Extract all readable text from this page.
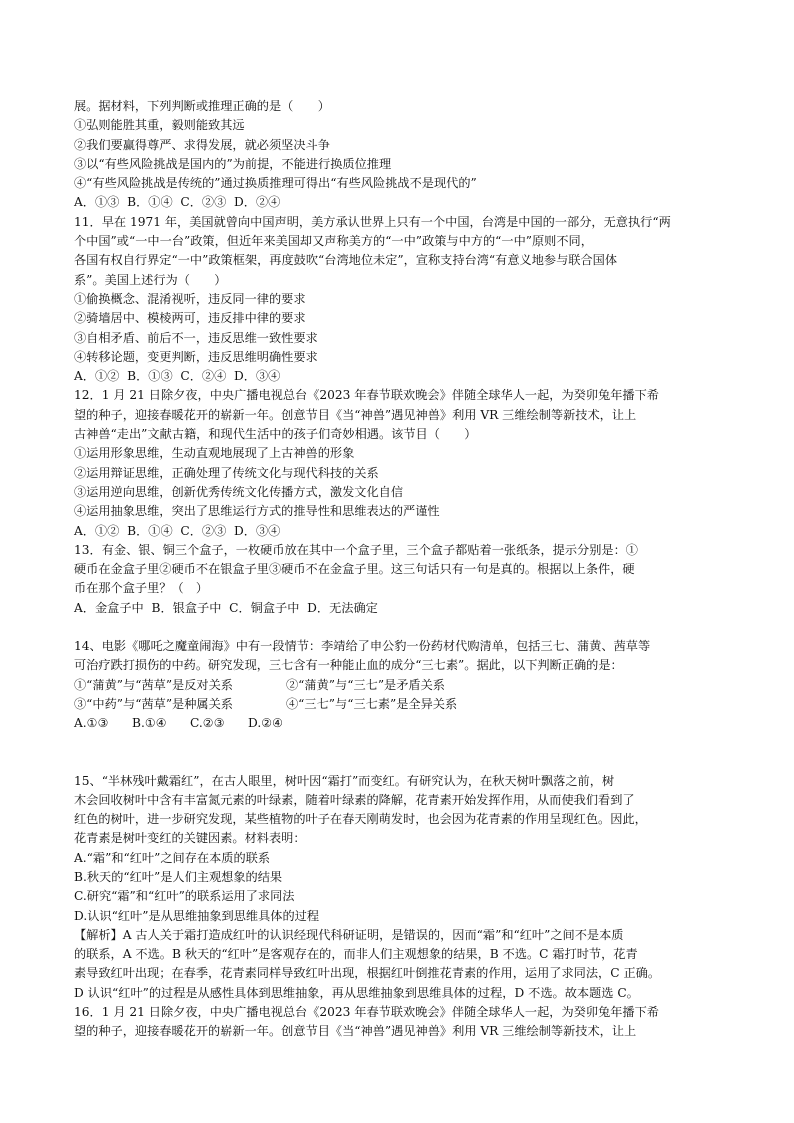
展。据材料，下列判断或推理正确的是（　　）
①弘则能胜其重，毅则能致其远
②我们要赢得尊严、求得发展，就必须坚决斗争
③以“有些风险挑战是国内的”为前提，不能进行换质位推理
④“有些风险挑战是传统的”通过换质推理可得出“有些风险挑战不是现代的”
A．①③  B．①④  C．②③  D．②④
11．早在 1971 年，美国就曾向中国声明，美方承认世界上只有一个中国，台湾是中国的一部分，无意执行“两
个中国”或“一中一台”政策，但近年来美国却又声称美方的“一中”政策与中方的“一中”原则不同，
各国有权自行界定“一中”政策框架，再度鼓吹“台湾地位未定”，宣称支持台湾“有意义地参与联合国体
系”。美国上述行为（　　）
①偷换概念、混淆视听，违反同一律的要求
②骑墙居中、模棱两可，违反排中律的要求
③自相矛盾、前后不一，违反思维一致性要求
④转移论题，变更判断，违反思维明确性要求
A．①②  B．①③  C．②④  D．③④
12．1 月 21 日除夕夜，中央广播电视总台《2023 年春节联欢晚会》伴随全球华人一起，为癸卯兔年播下希
望的种子，迎接春暖花开的崭新一年。创意节目《当“神兽”遇见神兽》利用 VR 三维绘制等新技术，让上
古神兽“走出”文献古籍，和现代生活中的孩子们奇妙相遇。该节目（　　）
①运用形象思维，生动直观地展现了上古神兽的形象
②运用辩证思维，正确处理了传统文化与现代科技的关系
③运用逆向思维，创新优秀传统文化传播方式，激发文化自信
④运用抽象思维，突出了思维运行方式的推导性和思维表达的严谨性
A．①②  B．①④  C．②③  D．③④
13．有金、银、铜三个盒子，一枚硬币放在其中一个盒子里，三个盒子都贴着一张纸条，提示分别是：①
硬币在金盒子里②硬币不在银盒子里③硬币不在金盒子里。这三句话只有一句是真的。根据以上条件，硬
币在那个盒子里？（　）
A．金盒子中  B．银盒子中  C．铜盒子中  D．无法确定
14、电影《哪吒之魔童闹海》中有一段情节：李靖给了申公豹一份药材代购清单，包括三七、蒲黄、茜草等
可治疗跌打损伤的中药。研究发现，三七含有一种能止血的成分“三七素”。据此，以下判断正确的是：
①“蒲黄”与“茜草”是反对关系	②“蒲黄”与“三七”是矛盾关系
③“中药”与“茜草”是种属关系	④“三七”与“三七素”是全异关系
A.①③	B.①④	C.②③	D.②④
15、“半林残叶戴霜红”，在古人眼里，树叶因“霜打”而变红。有研究认为，在秋天树叶飘落之前，树
木会回收树叶中含有丰富氮元素的叶绿素，随着叶绿素的降解，花青素开始发挥作用，从而使我们看到了
红色的树叶，进一步研究发现，某些植物的叶子在春天刚萌发时，也会因为花青素的作用呈现红色。因此，
花青素是树叶变红的关键因素。材料表明：
A.“霜”和“红叶”之间存在本质的联系
B.秋天的“红叶”是人们主观想象的结果
C.研究“霜”和“红叶”的联系运用了求同法
D.认识“红叶”是从思维抽象到思维具体的过程
【解析】A 古人关于霜打造成红叶的认识经现代科研证明，是错误的，因而“霜”和“红叶”之间不是本质
的联系，A 不选。B 秋天的“红叶”是客观存在的，而非人们主观想象的结果，B 不选。C 霜打时节，花青
素导致红叶出现；在春季，花青素同样导致红叶出现，根据红叶倒推花青素的作用，运用了求同法，C 正确。
D 认识“红叶”的过程是从感性具体到思维抽象，再从思维抽象到思维具体的过程，D 不选。故本题选 C。
16．1 月 21 日除夕夜，中央广播电视总台《2023 年春节联欢晚会》伴随全球华人一起，为癸卯兔年播下希
望的种子，迎接春暖花开的崭新一年。创意节目《当“神兽”遇见神兽》利用 VR 三维绘制等新技术，让上
